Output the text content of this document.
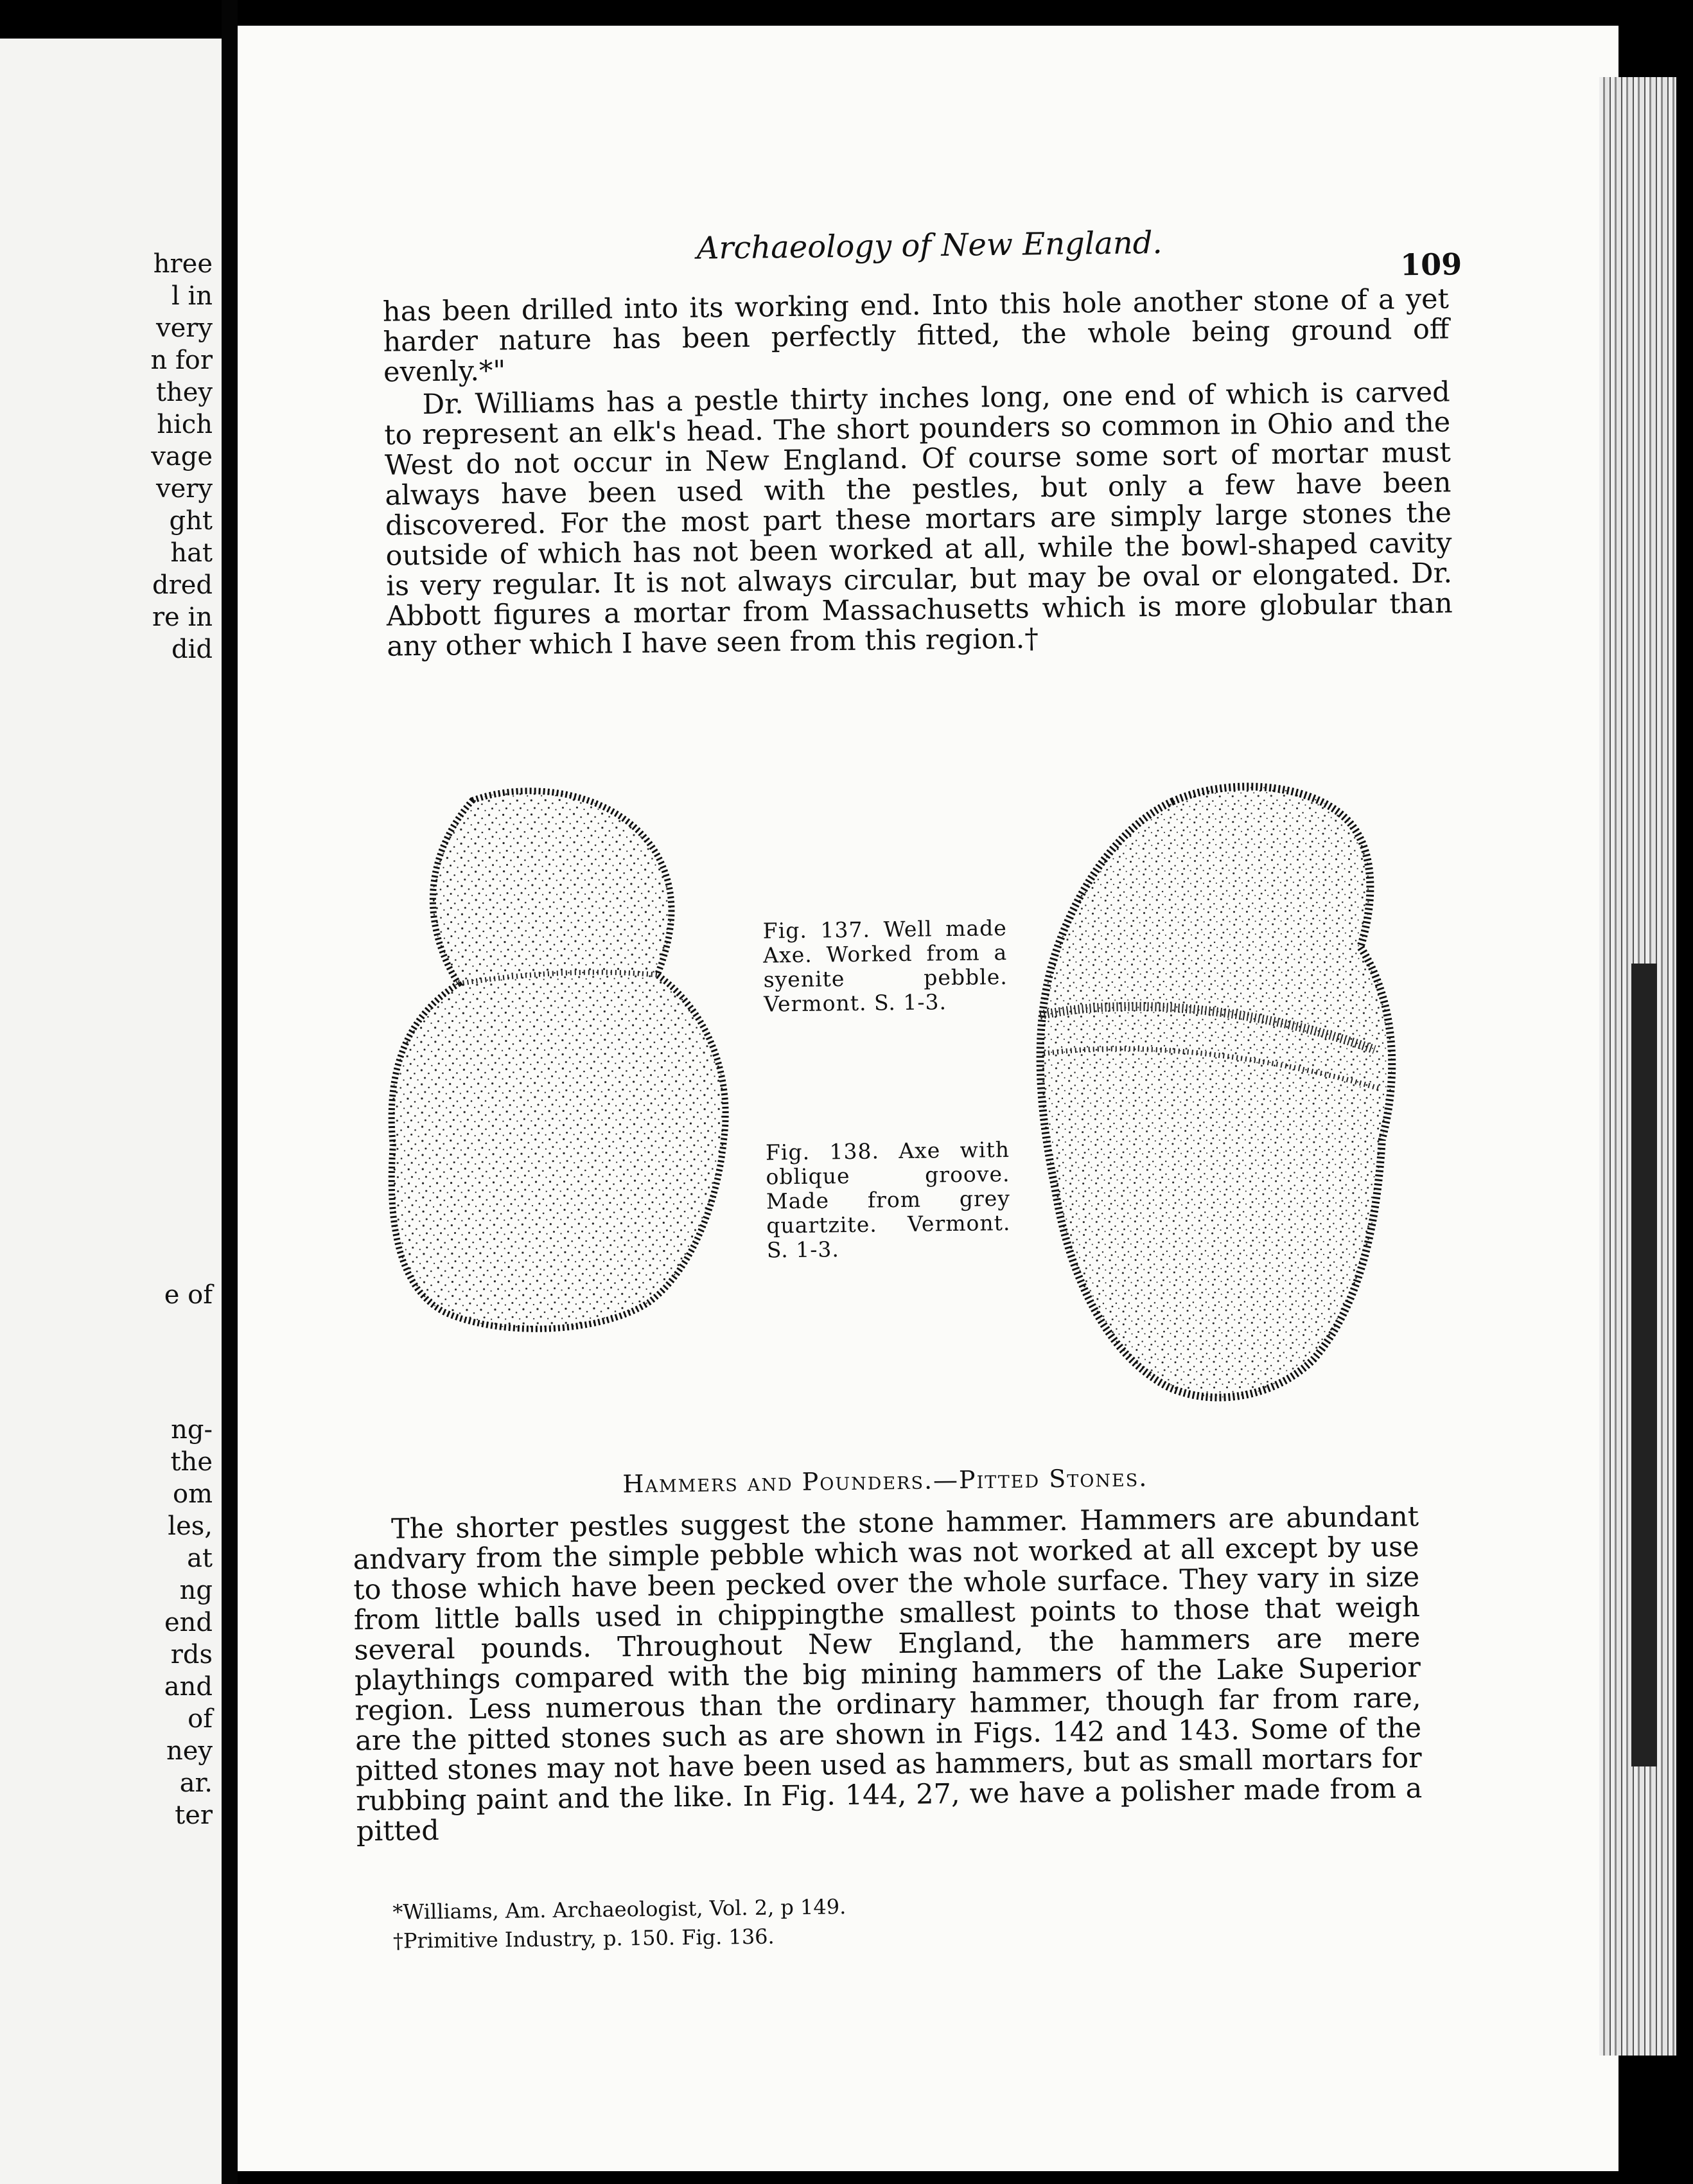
hree
l in
very
n for
they
hich
vage
very
ght
hat
dred
re in
did
e of
ng-
the
om
les,
at
ng
end
rds
and
of
ney
ar.
ter
Archaeology of New England.	109

has been drilled into its working end. Into this hole another stone of a yet harder nature has been perfectly fitted, the whole being ground off evenly.*"

Dr. Williams has a pestle thirty inches long, one end of which is carved to represent an elk's head. The short pounders so common in Ohio and the West do not occur in New England. Of course some sort of mortar must always have been used with the pestles, but only a few have been discovered. For the most part these mortars are simply large stones the outside of which has not been worked at all, while the bowl-shaped cavity is very regular. It is not always circular, but may be oval or elongated. Dr. Abbott figures a mortar from Massachusetts which is more globular than any other which I have seen from this region.†

Fig. 137. Well made Axe. Worked from a syenite pebble. Vermont. S. 1-3.
Fig. 138. Axe with oblique groove. Made from grey quartzite. Vermont. S. 1-3.
Hammers and Pounders.—Pitted Stones.

The shorter pestles suggest the stone hammer. Hammers are abundant andvary from the simple pebble which was not worked at all except by use to those which have been pecked over the whole surface. They vary in size from little balls used in chippingthe smallest points to those that weigh several pounds. Throughout New England, the hammers are mere playthings compared with the big mining hammers of the Lake Superior region. Less numerous than the ordinary hammer, though far from rare, are the pitted stones such as are shown in Figs. 142 and 143. Some of the pitted stones may not have been used as hammers, but as small mortars for rubbing paint and the like. In Fig. 144, 27, we have a polisher made from a pitted

*Williams, Am. Archaeologist, Vol. 2, p 149.
†Primitive Industry, p. 150. Fig. 136.
